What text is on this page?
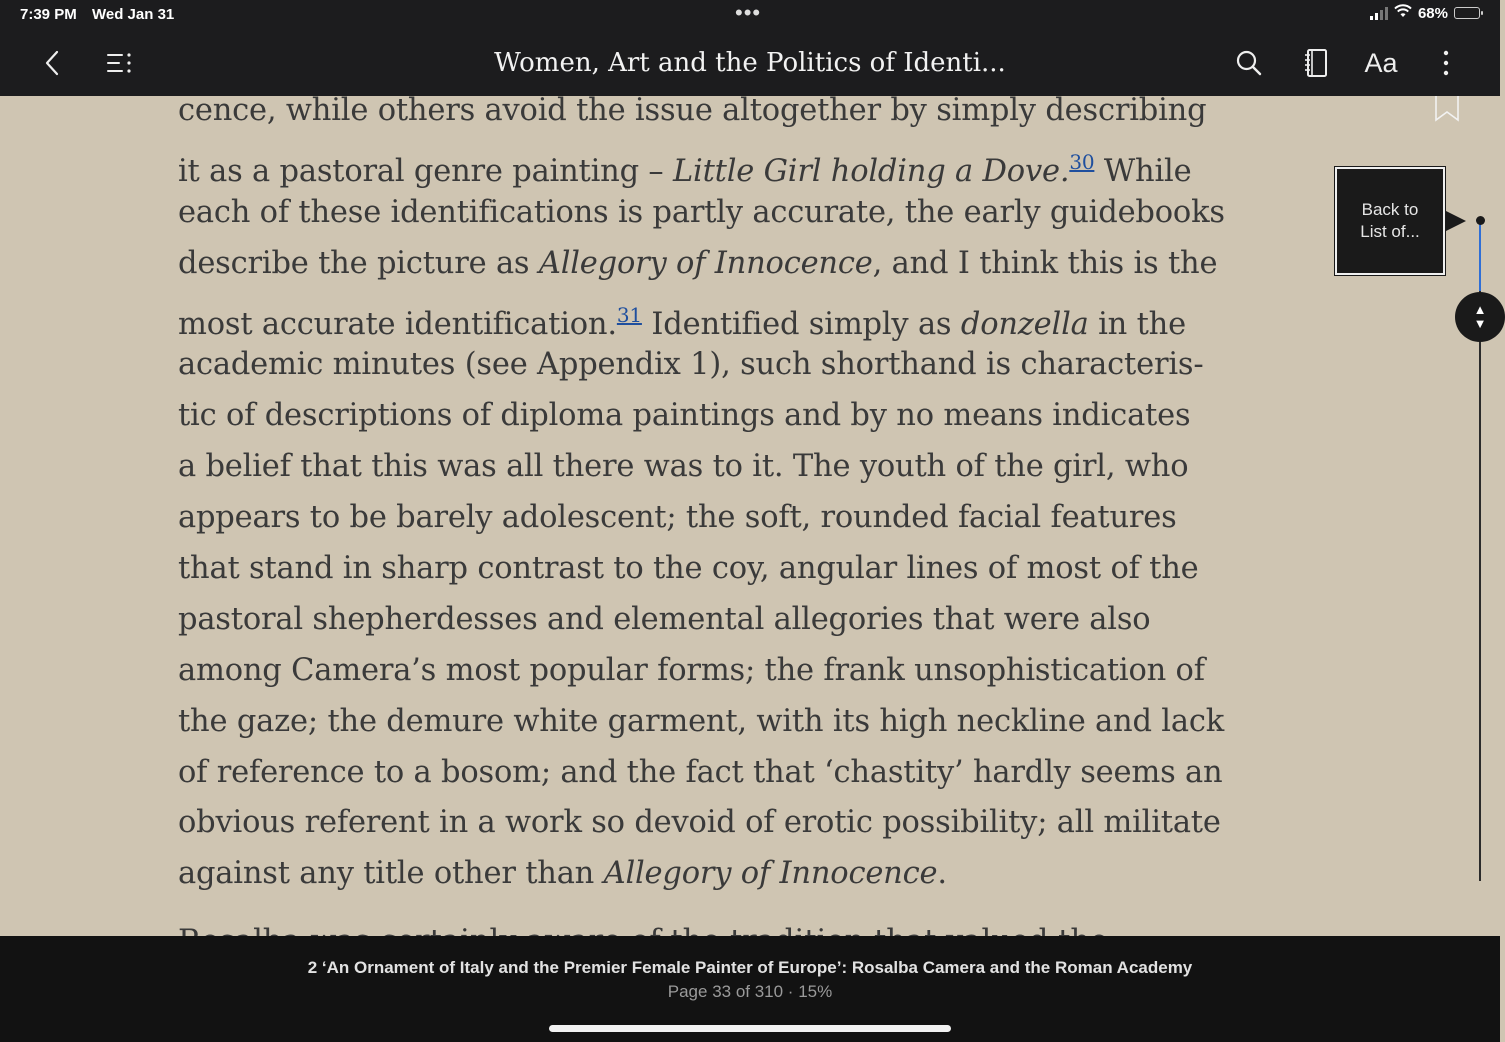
7:39 PM Wed Jan 31	•••	68%
Women, Art and the Politics of Identi...	Aa
cence, while others avoid the issue altogether by simply describing
it as a pastoral genre painting – Little Girl holding a Dove.$^{30}$ While
each of these identifications is partly accurate, the early guidebooks
describe the picture as Allegory of Innocence, and I think this is the
most accurate identification.$^{31}$ Identified simply as donzella in the
academic minutes (see Appendix 1), such shorthand is characteris-
tic of descriptions of diploma paintings and by no means indicates
a belief that this was all there was to it. The youth of the girl, who
appears to be barely adolescent; the soft, rounded facial features
that stand in sharp contrast to the coy, angular lines of most of the
pastoral shepherdesses and elemental allegories that were also
among Camera’s most popular forms; the frank unsophistication of
the gaze; the demure white garment, with its high neckline and lack
of reference to a bosom; and the fact that ‘chastity’ hardly seems an
obvious referent in a work so devoid of erotic possibility; all militate
against any title other than Allegory of Innocence.
Back to
List of...
▲
▼
2 ‘An Ornament of Italy and the Premier Female Painter of Europe’: Rosalba Camera and the Roman Academy
Page 33 of 310 · 15%
